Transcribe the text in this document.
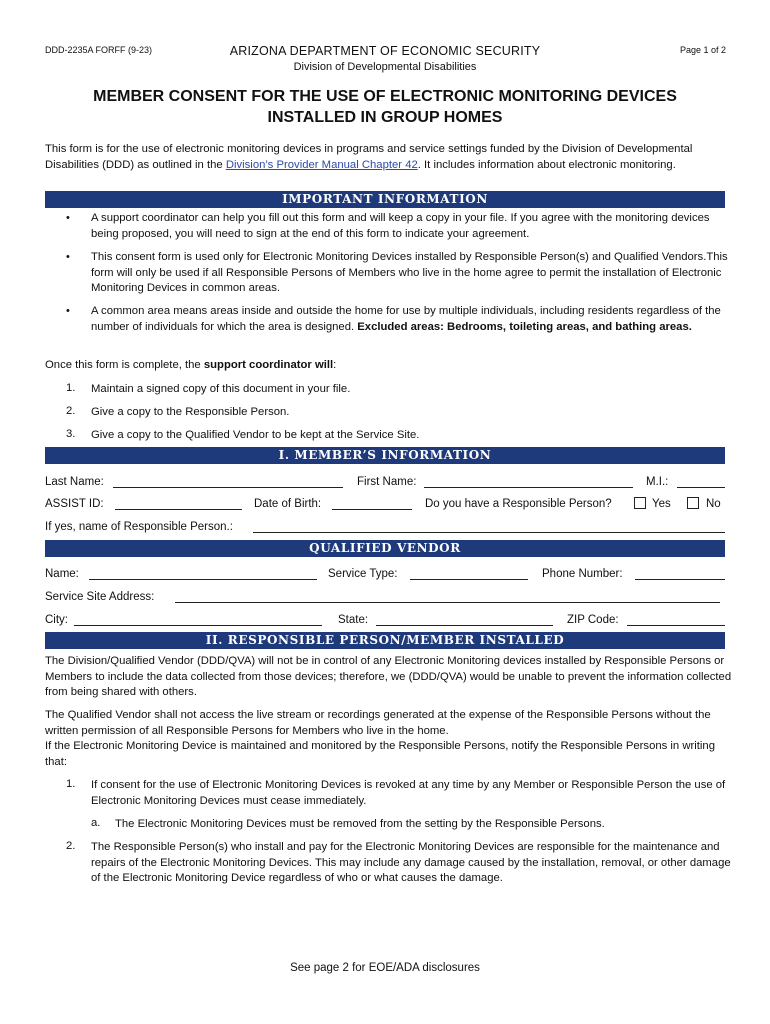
DDD-2235A FORFF (9-23)	ARIZONA DEPARTMENT OF ECONOMIC SECURITY
Division of Developmental Disabilities
Page 1 of 2
MEMBER CONSENT FOR THE USE OF ELECTRONIC MONITORING DEVICES
INSTALLED IN GROUP HOMES
This form is for the use of electronic monitoring devices in programs and service settings funded by the Division of Developmental Disabilities (DDD) as outlined in the Division’s Provider Manual Chapter 42. It includes information about electronic monitoring.
IMPORTANT INFORMATION
• A support coordinator can help you fill out this form and will keep a copy in your file. If you agree with the monitoring devices being proposed, you will need to sign at the end of this form to indicate your agreement.
• This consent form is used only for Electronic Monitoring Devices installed by Responsible Person(s) and Qualified Vendors.This form will only be used if all Responsible Persons of Members who live in the home agree to permit the installation of Electronic Monitoring Devices in common areas.
• A common area means areas inside and outside the home for use by multiple individuals, including residents regardless of the number of individuals for which the area is designed. Excluded areas: Bedrooms, toileting areas, and bathing areas.
Once this form is complete, the support coordinator will:
1. Maintain a signed copy of this document in your file.
2. Give a copy to the Responsible Person.
3. Give a copy to the Qualified Vendor to be kept at the Service Site.
I. MEMBER’S INFORMATION
Last Name:	First Name:	M.I.:
ASSIST ID:	Date of Birth:	Do you have a Responsible Person?	Yes	No
If yes, name of Responsible Person.:
QUALIFIED VENDOR
Name:	Service Type:	Phone Number:
Service Site Address:
City:	State:	ZIP Code:
II. RESPONSIBLE PERSON/MEMBER INSTALLED
The Division/Qualified Vendor (DDD/QVA) will not be in control of any Electronic Monitoring devices installed by Responsible Persons or Members to include the data collected from those devices; therefore, we (DDD/QVA) would be unable to prevent the information collected from being shared with others.
The Qualified Vendor shall not access the live stream or recordings generated at the expense of the Responsible Persons without the written permission of all Responsible Persons for Members who live in the home.
If the Electronic Monitoring Device is maintained and monitored by the Responsible Persons, notify the Responsible Persons in writing that:
1. If consent for the use of Electronic Monitoring Devices is revoked at any time by any Member or Responsible Person the use of Electronic Monitoring Devices must cease immediately.
a. The Electronic Monitoring Devices must be removed from the setting by the Responsible Persons.
2. The Responsible Person(s) who install and pay for the Electronic Monitoring Devices are responsible for the maintenance and repairs of the Electronic Monitoring Devices. This may include any damage caused by the installation, removal, or other damage of the Electronic Monitoring Device regardless of who or what causes the damage.
See page 2 for EOE/ADA disclosures
